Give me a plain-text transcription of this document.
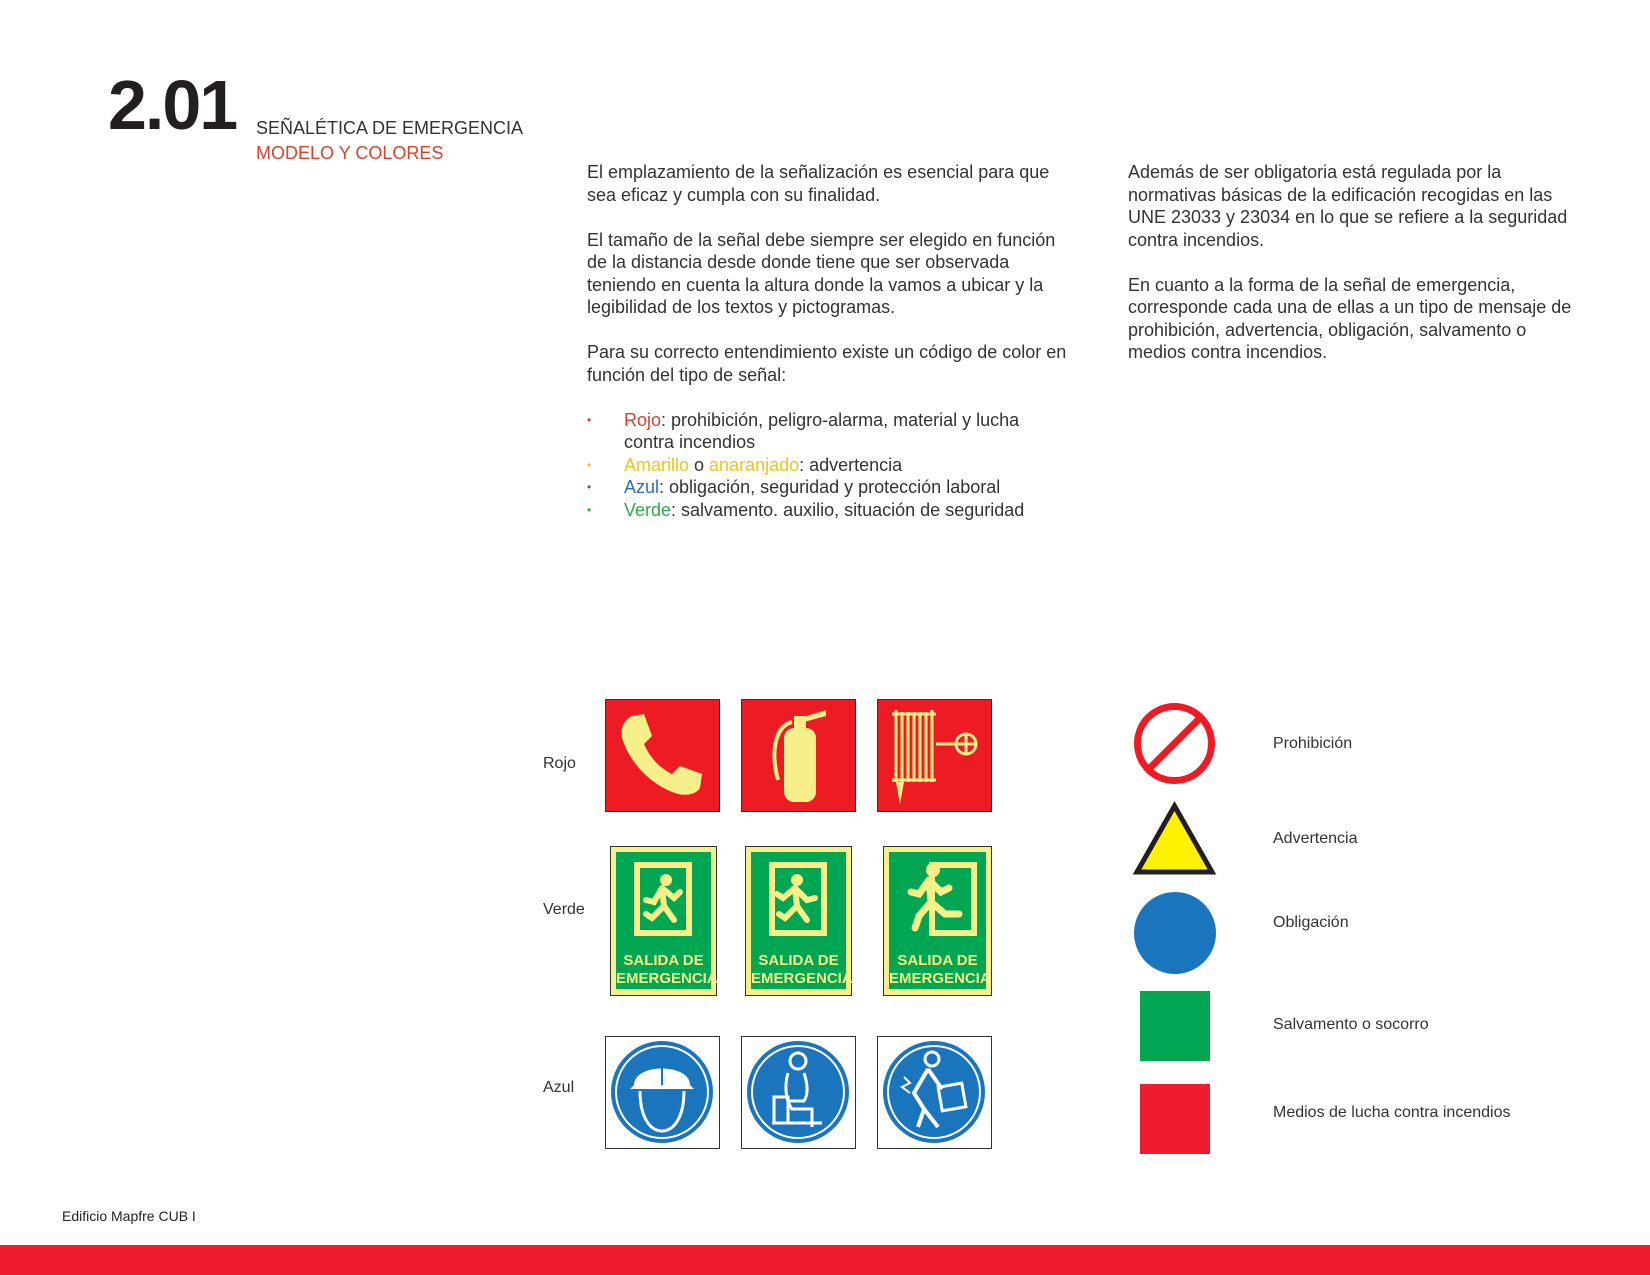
2.01 SEÑALÉTICA DE EMERGENCIA
MODELO Y COLORES

El emplazamiento de la señalización es esencial para que sea eficaz y cumpla con su finalidad.

El tamaño de la señal debe siempre ser elegido en función de la distancia desde donde tiene que ser observada teniendo en cuenta la altura donde la vamos a ubicar y la legibilidad de los textos y pictogramas.

Para su correcto entendimiento existe un código de color en función del tipo de señal:

• Rojo: prohibición, peligro-alarma, material y lucha contra incendios
• Amarillo o anaranjado: advertencia
• Azul: obligación, seguridad y protección laboral
• Verde: salvamento. auxilio, situación de seguridad

Además de ser obligatoria está regulada por la normativas básicas de la edificación recogidas en las UNE 23033 y 23034 en lo que se refiere a la seguridad contra incendios.

En cuanto a la forma de la señal de emergencia, corresponde cada una de ellas a un tipo de mensaje de prohibición, advertencia, obligación, salvamento o medios contra incendios.

Rojo
Verde
Azul
SALIDA DE
EMERGENCIA
SALIDA DE
EMERGENCIA
SALIDA DE
EMERGENCIA
Prohibición
Advertencia
Obligación
Salvamento o socorro
Medios de lucha contra incendios
Edificio Mapfre CUB I
